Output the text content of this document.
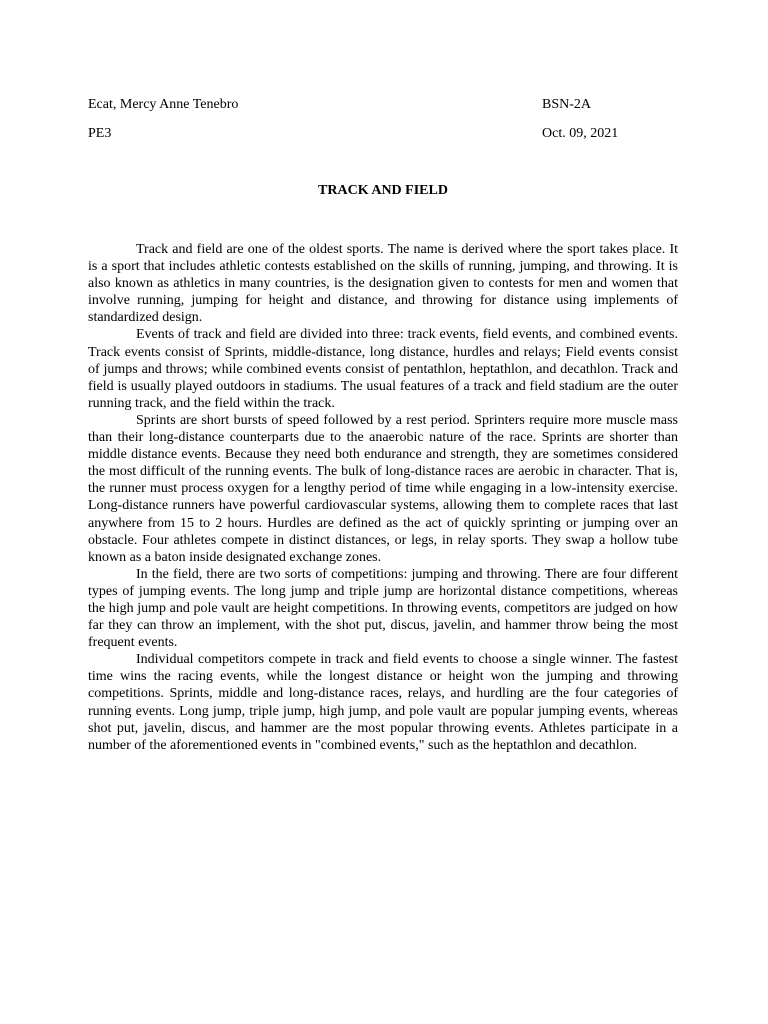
Ecat, Mercy Anne Tenebro	BSN-2A
PE3	Oct. 09, 2021
TRACK AND FIELD

Track and field are one of the oldest sports. The name is derived where the sport takes place. It is a sport that includes athletic contests established on the skills of running, jumping, and throwing. It is also known as athletics in many countries, is the designation given to contests for men and women that involve running, jumping for height and distance, and throwing for distance using implements of standardized design.

Events of track and field are divided into three: track events, field events, and combined events. Track events consist of Sprints, middle-distance, long distance, hurdles and relays; Field events consist of jumps and throws; while combined events consist of pentathlon, heptathlon, and decathlon. Track and field is usually played outdoors in stadiums. The usual features of a track and field stadium are the outer running track, and the field within the track.

Sprints are short bursts of speed followed by a rest period. Sprinters require more muscle mass than their long-distance counterparts due to the anaerobic nature of the race. Sprints are shorter than middle distance events. Because they need both endurance and strength, they are sometimes considered the most difficult of the running events. The bulk of long-distance races are aerobic in character. That is, the runner must process oxygen for a lengthy period of time while engaging in a low-intensity exercise. Long-distance runners have powerful cardiovascular systems, allowing them to complete races that last anywhere from 15 to 2 hours. Hurdles are defined as the act of quickly sprinting or jumping over an obstacle. Four athletes compete in distinct distances, or legs, in relay sports. They swap a hollow tube known as a baton inside designated exchange zones.

In the field, there are two sorts of competitions: jumping and throwing. There are four different types of jumping events. The long jump and triple jump are horizontal distance competitions, whereas the high jump and pole vault are height competitions. In throwing events, competitors are judged on how far they can throw an implement, with the shot put, discus, javelin, and hammer throw being the most frequent events.

Individual competitors compete in track and field events to choose a single winner. The fastest time wins the racing events, while the longest distance or height won the jumping and throwing competitions. Sprints, middle and long-distance races, relays, and hurdling are the four categories of running events. Long jump, triple jump, high jump, and pole vault are popular jumping events, whereas shot put, javelin, discus, and hammer are the most popular throwing events. Athletes participate in a number of the aforementioned events in "combined events," such as the heptathlon and decathlon.
